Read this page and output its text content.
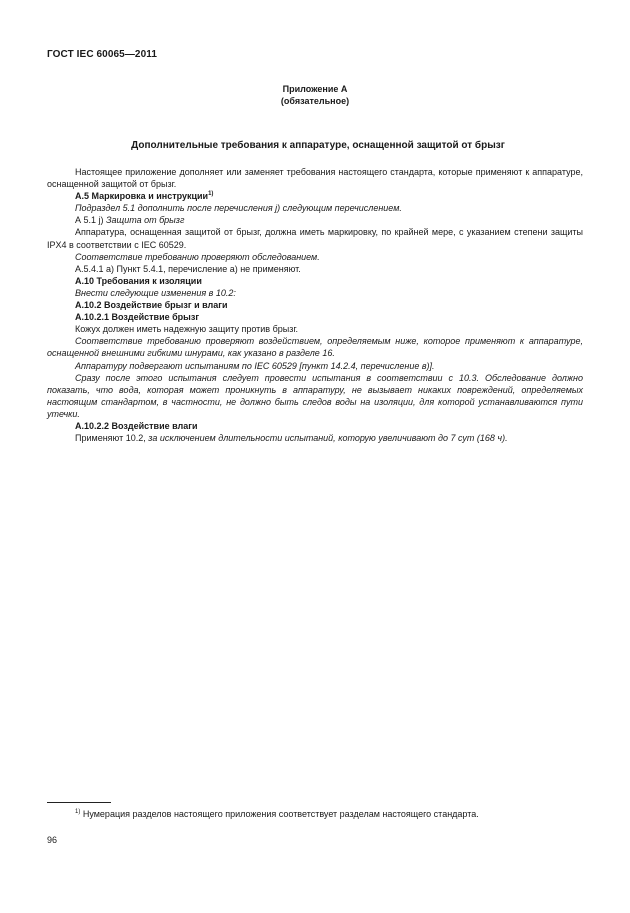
ГОСТ IEC 60065—2011
Приложение А
(обязательное)
Дополнительные требования к аппаратуре, оснащенной защитой от брызг

Настоящее приложение дополняет или заменяет требования настоящего стандарта, которые применяют к аппаратуре, оснащенной защитой от брызг.

А.5 Маркировка и инструкции$^{1)}$

Подраздел 5.1 дополнить после перечисления j) следующим перечислением.

А 5.1 j) Защита от брызг

Аппаратура, оснащенная защитой от брызг, должна иметь маркировку, по крайней мере, с указанием степени защиты IPX4 в соответствии с IEC 60529.

Соответствие требованию проверяют обследованием.

А.5.4.1 а) Пункт 5.4.1, перечисление а) не применяют.

А.10 Требования к изоляции

Внести следующие изменения в 10.2:

А.10.2 Воздействие брызг и влаги

А.10.2.1 Воздействие брызг

Кожух должен иметь надежную защиту против брызг.

Соответствие требованию проверяют воздействием, определяемым ниже, которое применяют к аппаратуре, оснащенной внешними гибкими шнурами, как указано в разделе 16.

Аппаратуру подвергают испытаниям по IEC 60529 [пункт 14.2.4, перечисление в)].

Сразу после этого испытания следует провести испытания в соответствии с 10.3. Обследование должно показать, что вода, которая может проникнуть в аппаратуру, не вызывает никаких повреждений, определяемых настоящим стандартом, в частности, не должно быть следов воды на изоляции, для которой устанавливаются пути утечки.

А.10.2.2 Воздействие влаги

Применяют 10.2, за исключением длительности испытаний, которую увеличивают до 7 сут (168 ч).

$^{1)}$ Нумерация разделов настоящего приложения соответствует разделам настоящего стандарта.
96
